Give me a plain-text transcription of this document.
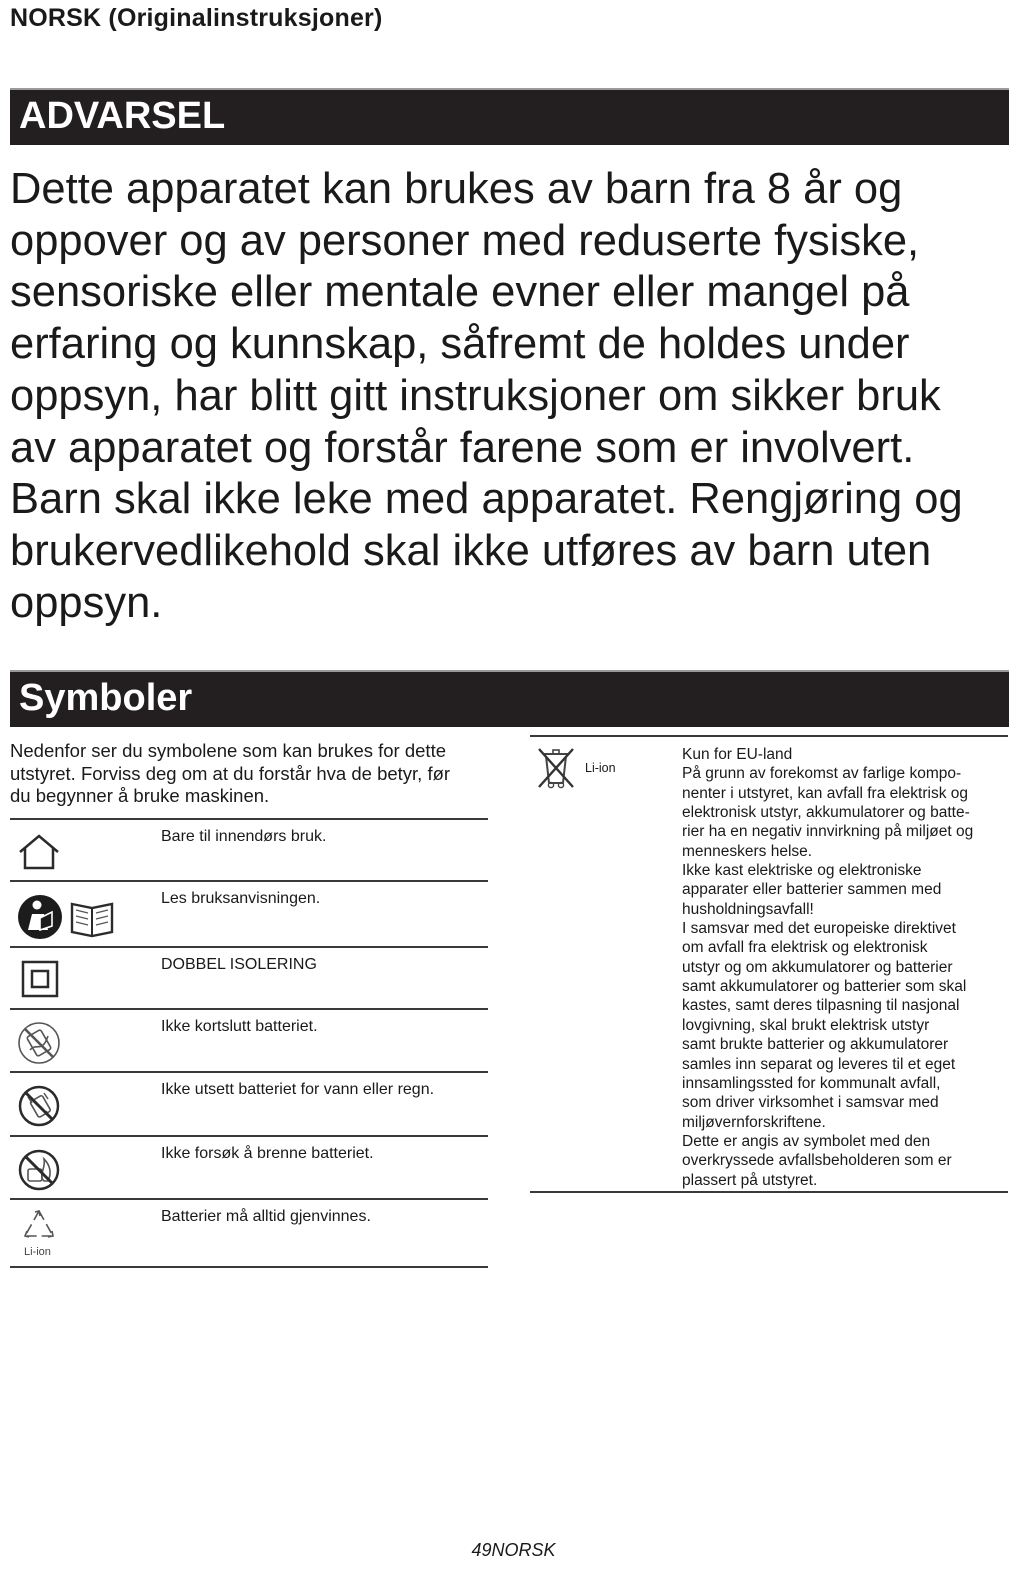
NORSK (Originalinstruksjoner)
ADVARSEL

Dette apparatet kan brukes av barn fra 8 år og
oppover og av personer med reduserte fysiske,
sensoriske eller mentale evner eller mangel på
erfaring og kunnskap, såfremt de holdes under
oppsyn, har blitt gitt instruksjoner om sikker bruk
av apparatet og forstår farene som er involvert.
Barn skal ikke leke med apparatet. Rengjøring og
brukervedlikehold skal ikke utføres av barn uten
oppsyn.

Symboler

Nedenfor ser du symbolene som kan brukes for dette
utstyret. Forviss deg om at du forstår hva de betyr, før
du begynner å bruke maskinen.

Bare til innendørs bruk.
Les bruksanvisningen.
DOBBEL ISOLERING
Ikke kortslutt batteriet.
Ikke utsett batteriet for vann eller regn.
Ikke forsøk å brenne batteriet.
Li-ion
Batterier må alltid gjenvinnes.
Li-ion
Kun for EU-land
På grunn av forekomst av farlige kompo-
nenter i utstyret, kan avfall fra elektrisk og
elektronisk utstyr, akkumulatorer og batte-
rier ha en negativ innvirkning på miljøet og
menneskers helse.
Ikke kast elektriske og elektroniske
apparater eller batterier sammen med
husholdningsavfall!
I samsvar med det europeiske direktivet
om avfall fra elektrisk og elektronisk
utstyr og om akkumulatorer og batterier
samt akkumulatorer og batterier som skal
kastes, samt deres tilpasning til nasjonal
lovgivning, skal brukt elektrisk utstyr
samt brukte batterier og akkumulatorer
samles inn separat og leveres til et eget
innsamlingssted for kommunalt avfall,
som driver virksomhet i samsvar med
miljøvernforskriftene.
Dette er angis av symbolet med den
overkryssede avfallsbeholderen som er
plassert på utstyret.
49NORSK
